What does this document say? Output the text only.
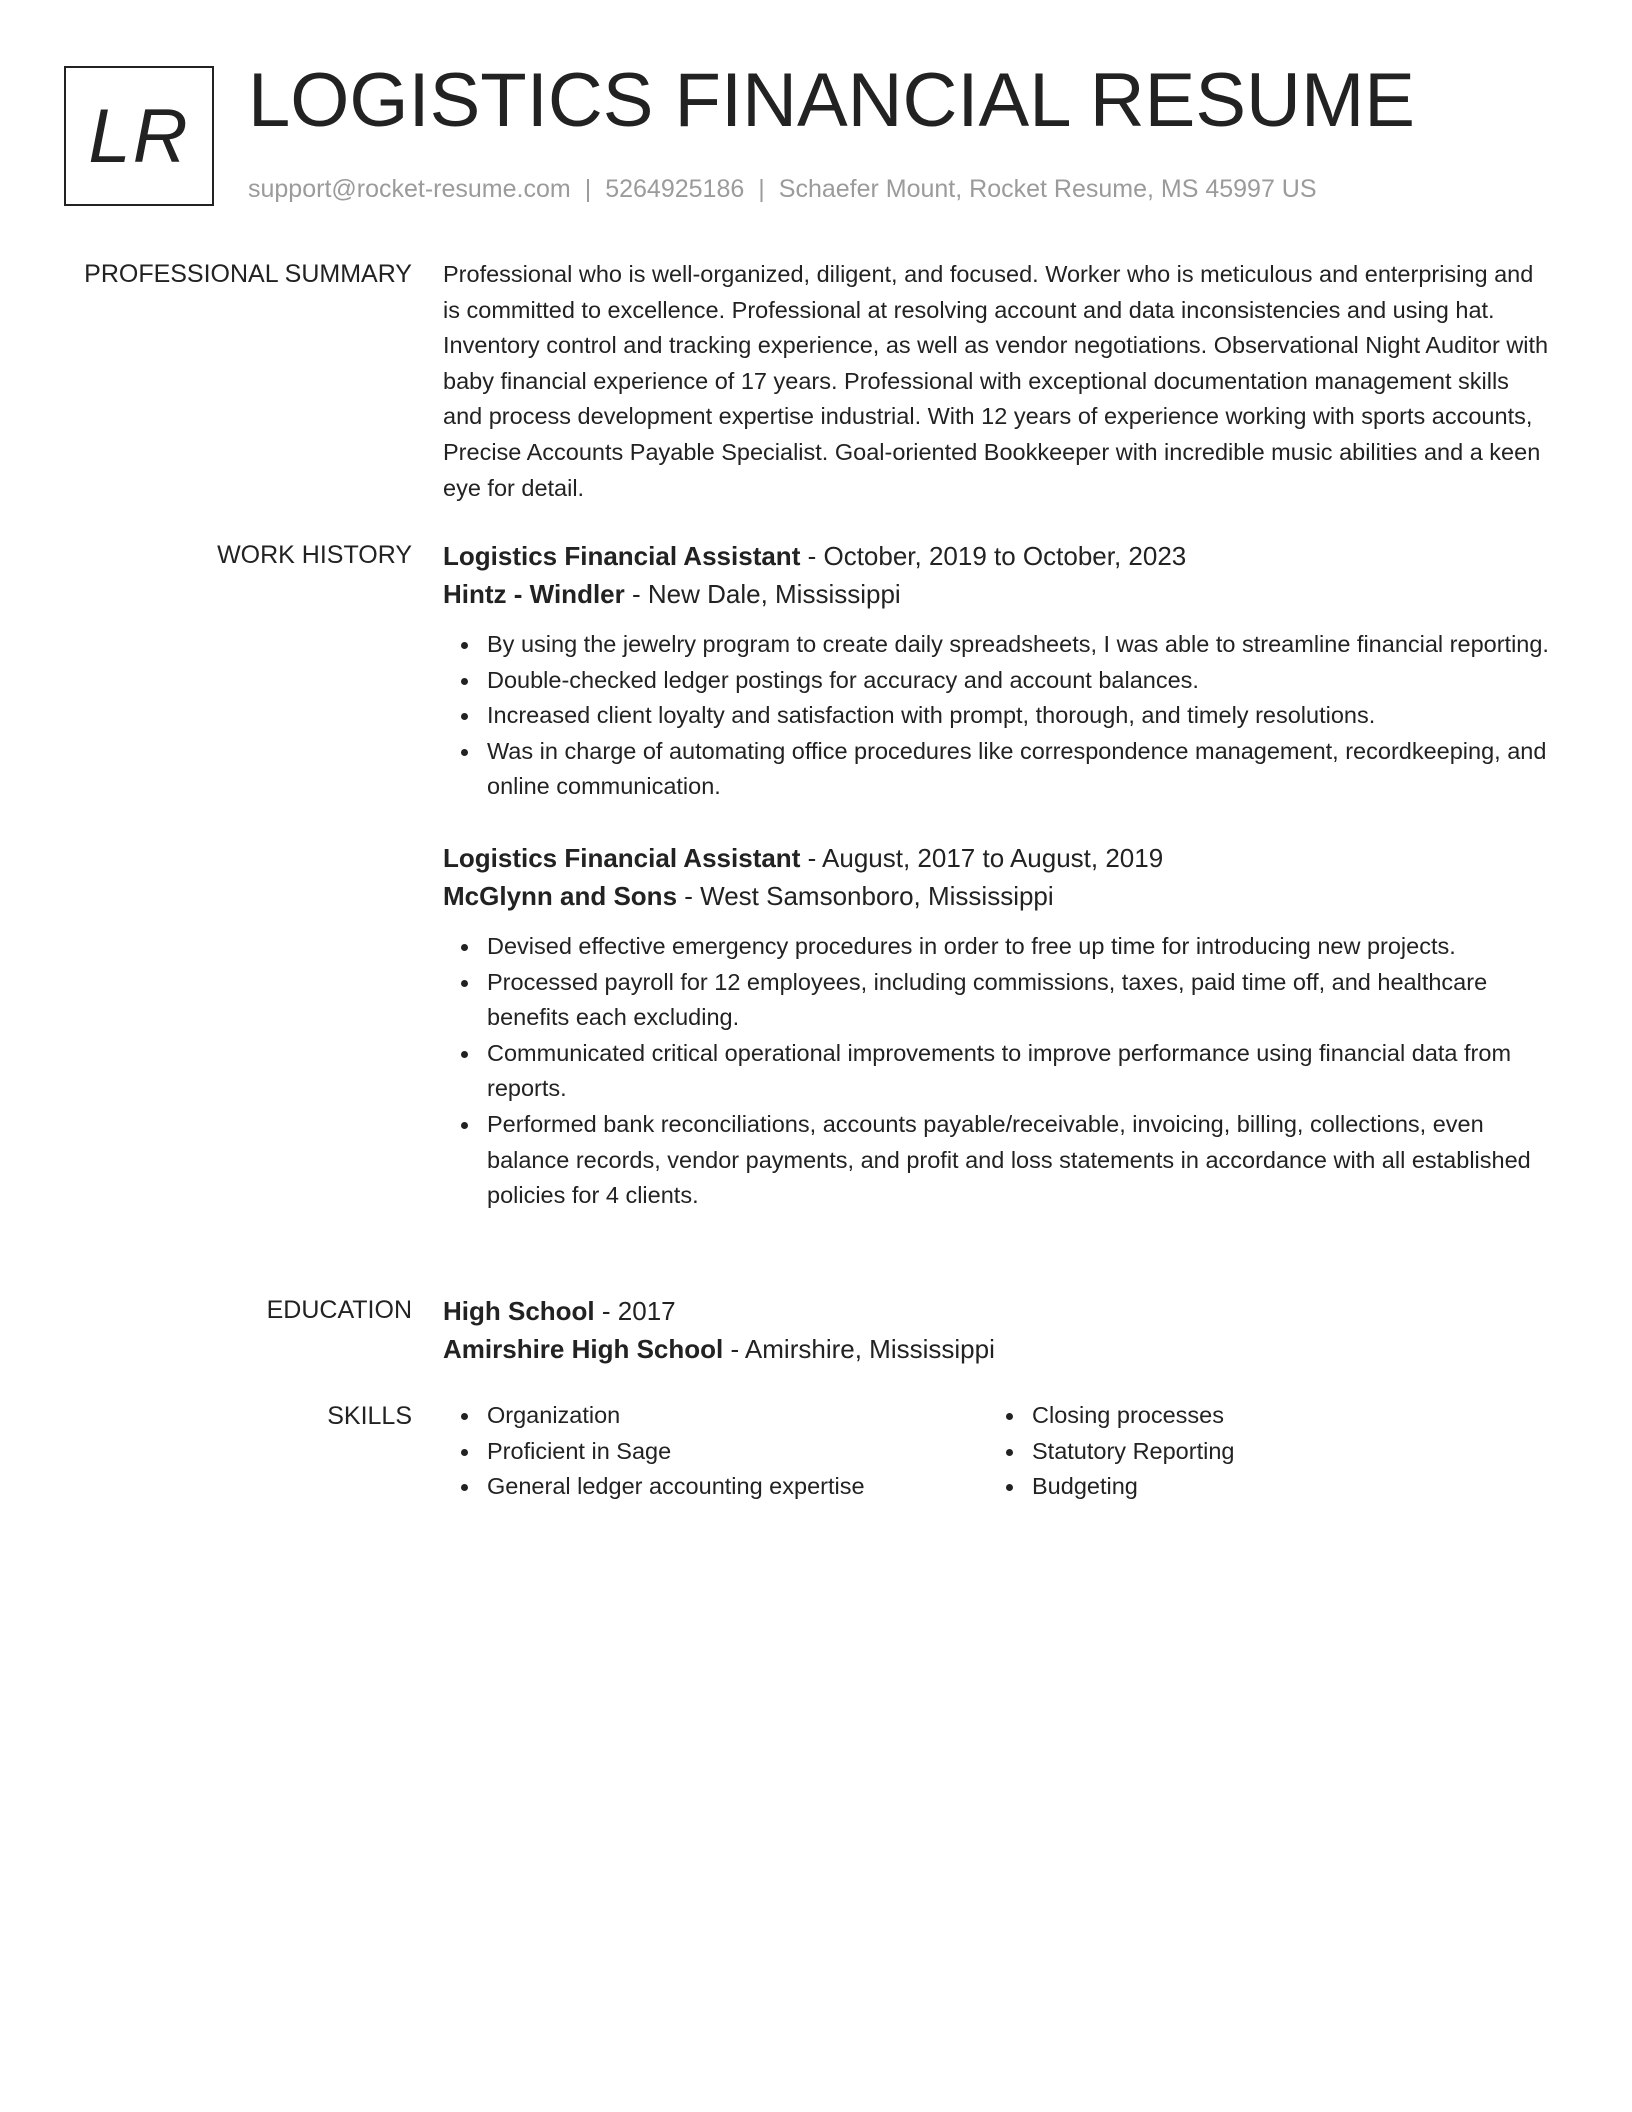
LR LOGISTICS FINANCIAL RESUME
support@rocket-resume.com | 5264925186 | Schaefer Mount, Rocket Resume, MS 45997 US
PROFESSIONAL SUMMARY Professional who is well-organized, diligent, and focused. Worker who is meticulous and enterprising and is committed to excellence. Professional at resolving account and data inconsistencies and using hat. Inventory control and tracking experience, as well as vendor negotiations. Observational Night Auditor with baby financial experience of 17 years. Professional with exceptional documentation management skills and process development expertise industrial. With 12 years of experience working with sports accounts, Precise Accounts Payable Specialist. Goal-oriented Bookkeeper with incredible music abilities and a keen eye for detail.
WORK HISTORY Logistics Financial Assistant - October, 2019 to October, 2023
Hintz - Windler - New Dale, Mississippi
By using the jewelry program to create daily spreadsheets, I was able to streamline financial reporting.
Double-checked ledger postings for accuracy and account balances.
Increased client loyalty and satisfaction with prompt, thorough, and timely resolutions.
Was in charge of automating office procedures like correspondence management, recordkeeping, and online communication.
Logistics Financial Assistant - August, 2017 to August, 2019
McGlynn and Sons - West Samsonboro, Mississippi
Devised effective emergency procedures in order to free up time for introducing new projects.
Processed payroll for 12 employees, including commissions, taxes, paid time off, and healthcare benefits each excluding.
Communicated critical operational improvements to improve performance using financial data from reports.
Performed bank reconciliations, accounts payable/receivable, invoicing, billing, collections, even balance records, vendor payments, and profit and loss statements in accordance with all established policies for 4 clients.
EDUCATION High School - 2017
Amirshire High School - Amirshire, Mississippi
SKILLS	Organization
Proficient in Sage
General ledger accounting expertise
Closing processes
Statutory Reporting
Budgeting
